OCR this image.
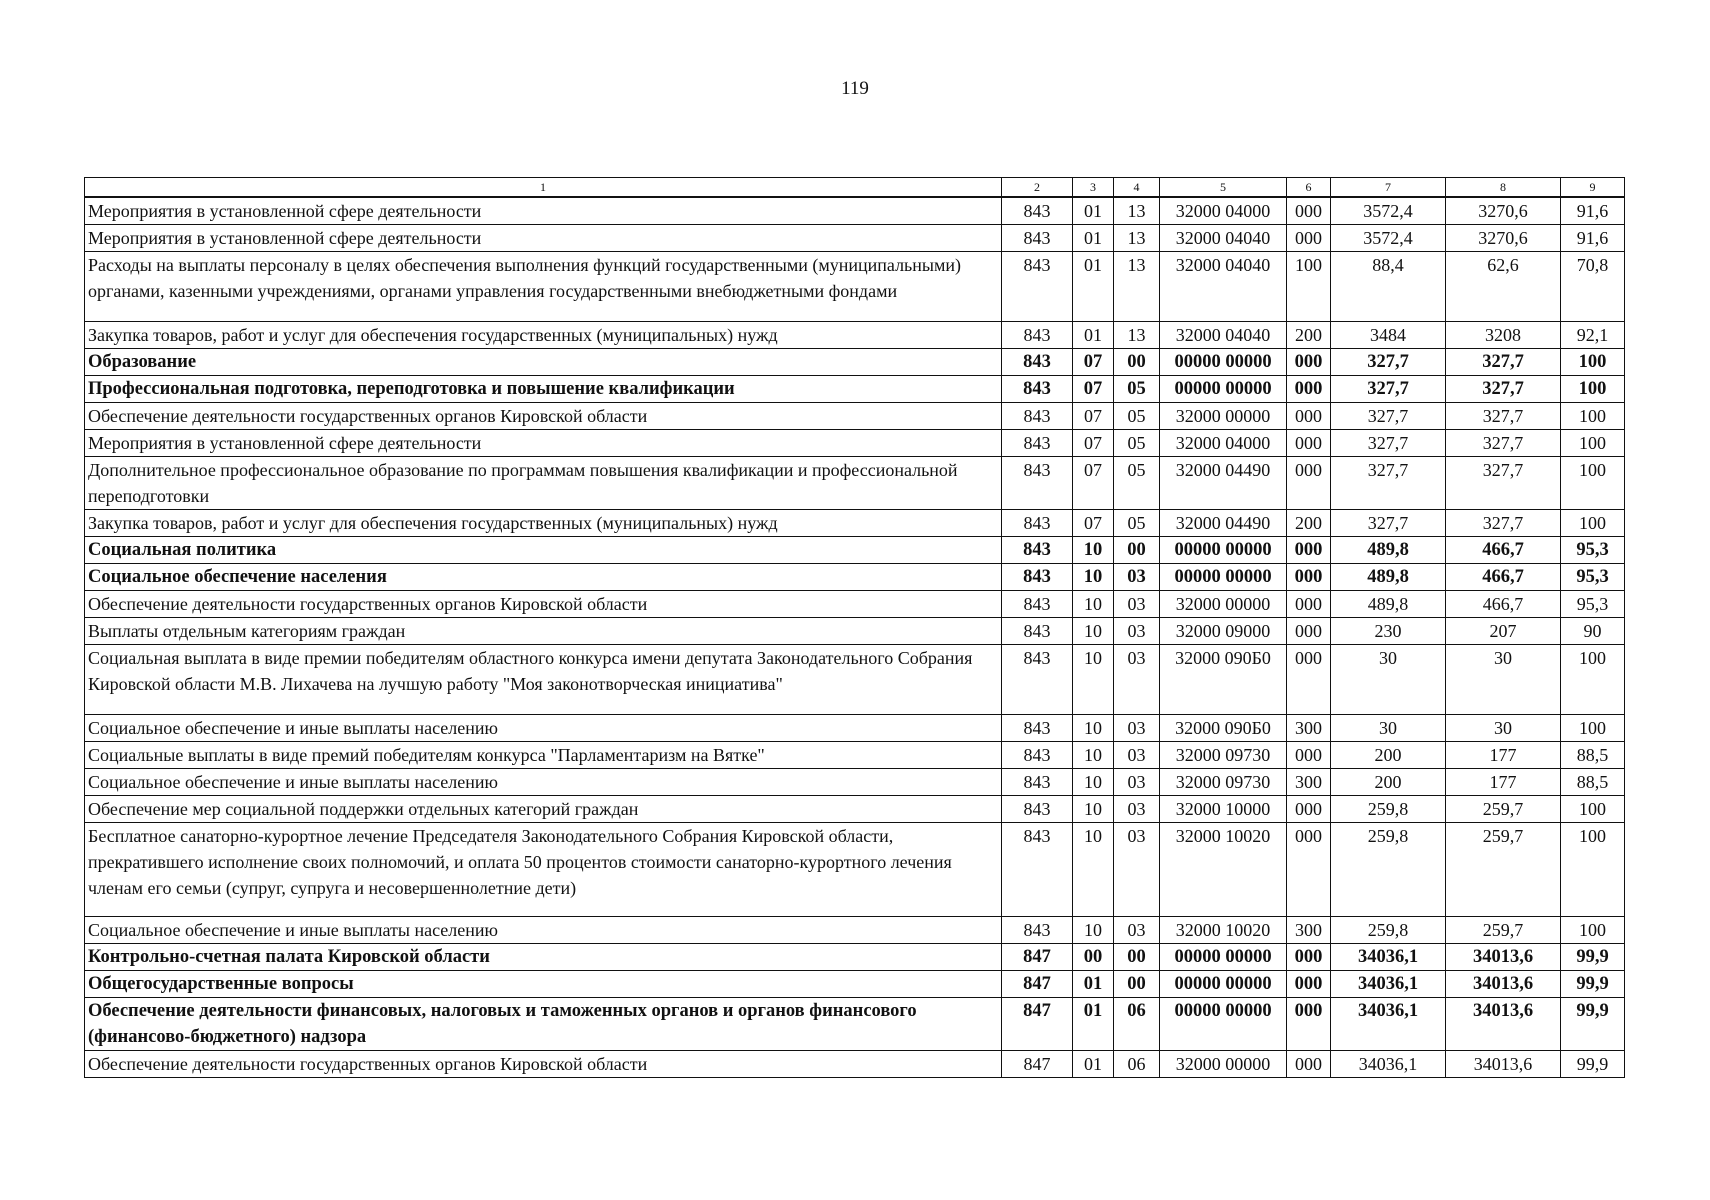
119
1	2	3	4	5	6	7	8	9
Мероприятия в установленной сфере деятельности	843	01	13	32000 04000	000	3572,4	3270,6	91,6
Мероприятия в установленной сфере деятельности	843	01	13	32000 04040	000	3572,4	3270,6	91,6
Расходы на выплаты персоналу в целях обеспечения выполнения функций государственными (муниципальными) органами, казенными учреждениями, органами управления государственными внебюджетными фондами	843	01	13	32000 04040	100	88,4	62,6	70,8
Закупка товаров, работ и услуг для обеспечения государственных (муниципальных) нужд	843	01	13	32000 04040	200	3484	3208	92,1
Образование	843	07	00	00000 00000	000	327,7	327,7	100
Профессиональная подготовка, переподготовка и повышение квалификации	843	07	05	00000 00000	000	327,7	327,7	100
Обеспечение деятельности государственных органов Кировской области	843	07	05	32000 00000	000	327,7	327,7	100
Мероприятия в установленной сфере деятельности	843	07	05	32000 04000	000	327,7	327,7	100
Дополнительное профессиональное образование по программам повышения квалификации и профессиональной переподготовки	843	07	05	32000 04490	000	327,7	327,7	100
Закупка товаров, работ и услуг для обеспечения государственных (муниципальных) нужд	843	07	05	32000 04490	200	327,7	327,7	100
Социальная политика	843	10	00	00000 00000	000	489,8	466,7	95,3
Социальное обеспечение населения	843	10	03	00000 00000	000	489,8	466,7	95,3
Обеспечение деятельности государственных органов Кировской области	843	10	03	32000 00000	000	489,8	466,7	95,3
Выплаты отдельным категориям граждан	843	10	03	32000 09000	000	230	207	90
Социальная выплата в виде премии победителям областного конкурса имени депутата Законодательного Собрания Кировской области М.В. Лихачева на лучшую работу "Моя законотворческая инициатива"	843	10	03	32000 090Б0	000	30	30	100
Социальное обеспечение и иные выплаты населению	843	10	03	32000 090Б0	300	30	30	100
Социальные выплаты в виде премий победителям конкурса "Парламентаризм на Вятке"	843	10	03	32000 09730	000	200	177	88,5
Социальное обеспечение и иные выплаты населению	843	10	03	32000 09730	300	200	177	88,5
Обеспечение мер социальной поддержки отдельных категорий граждан	843	10	03	32000 10000	000	259,8	259,7	100
Бесплатное санаторно-курортное лечение Председателя Законодательного Собрания Кировской области, прекратившего исполнение своих полномочий, и оплата 50 процентов стоимости санаторно-курортного лечения членам его семьи (супруг, супруга и несовершеннолетние дети)	843	10	03	32000 10020	000	259,8	259,7	100
Социальное обеспечение и иные выплаты населению	843	10	03	32000 10020	300	259,8	259,7	100
Контрольно-счетная палата Кировской области	847	00	00	00000 00000	000	34036,1	34013,6	99,9
Общегосударственные вопросы	847	01	00	00000 00000	000	34036,1	34013,6	99,9
Обеспечение деятельности финансовых, налоговых и таможенных органов и органов финансового (финансово-бюджетного) надзора	847	01	06	00000 00000	000	34036,1	34013,6	99,9
Обеспечение деятельности государственных органов Кировской области	847	01	06	32000 00000	000	34036,1	34013,6	99,9
